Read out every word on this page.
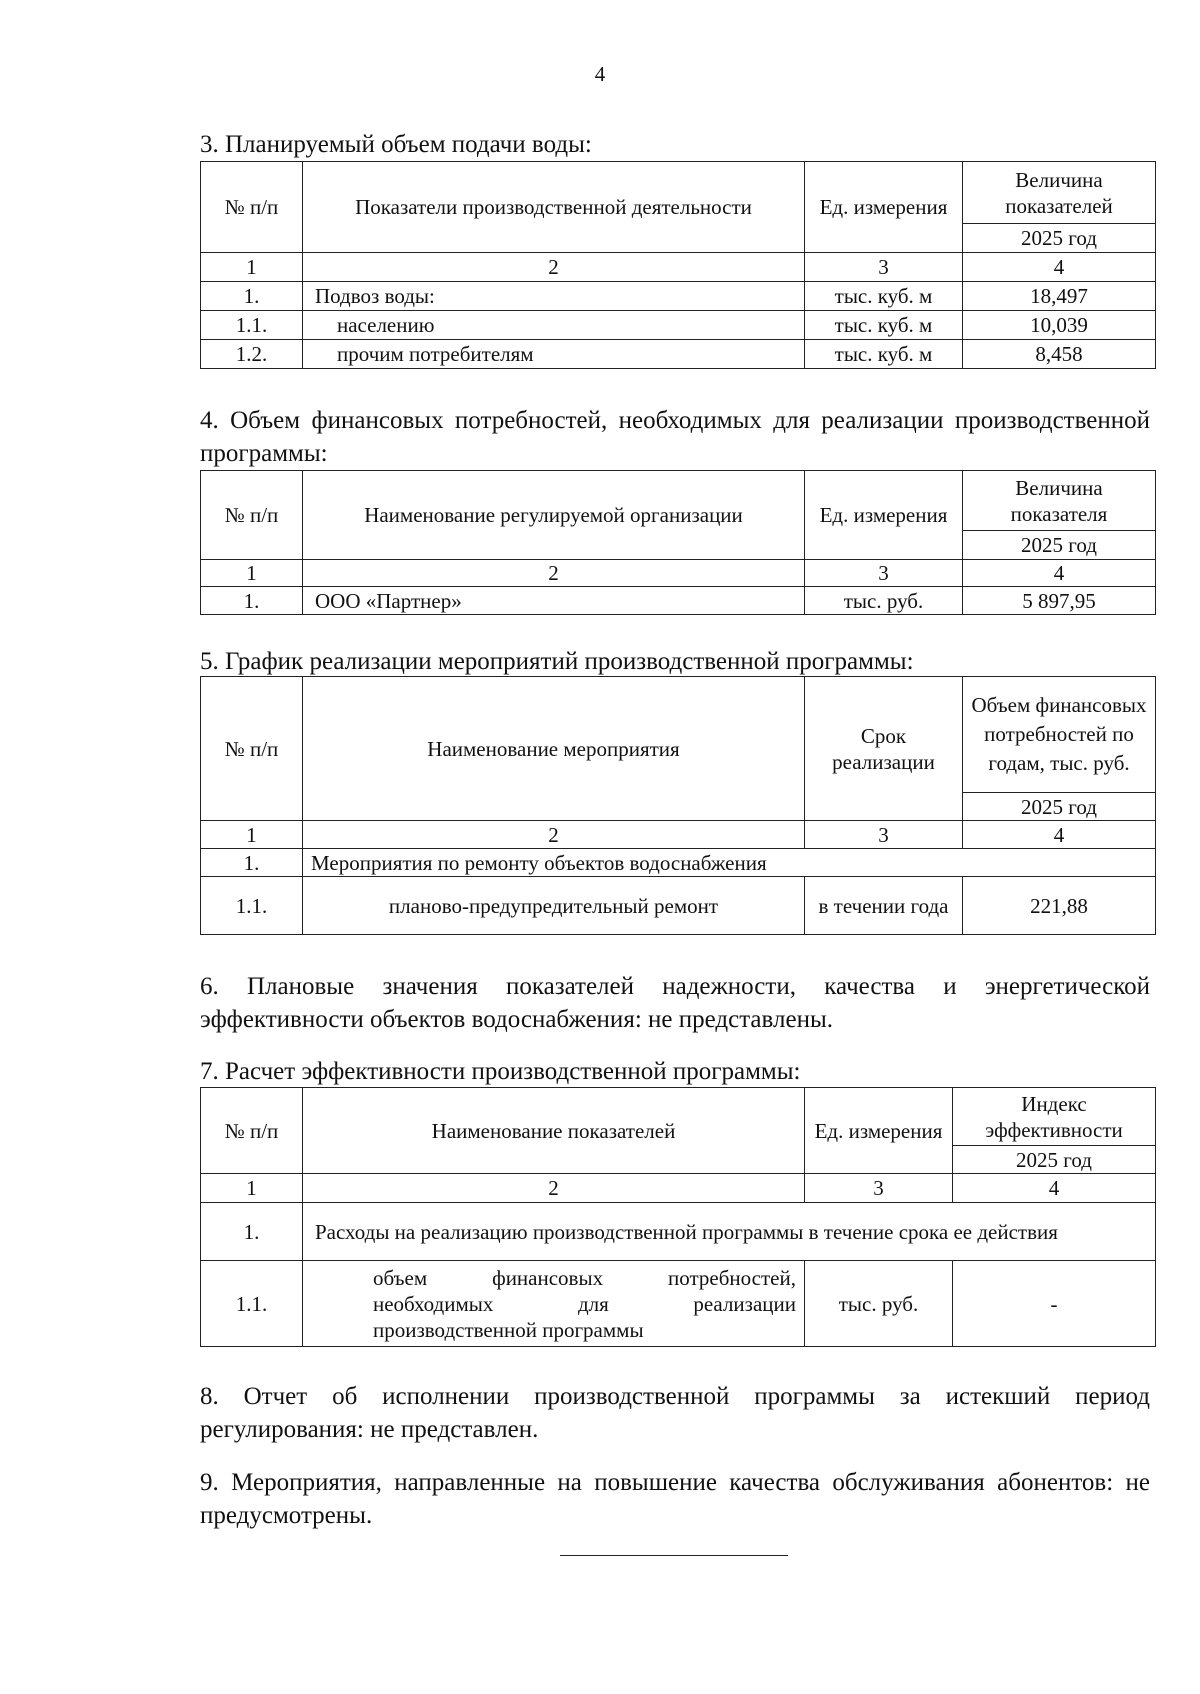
4
3. Планируемый объем подачи воды:
№ п/п	Показатели производственной деятельности	Ед. измерения	Величина показателей
			2025 год
1	2	3	4
1.	Подвоз воды:	тыс. куб. м	18,497
1.1.	населению	тыс. куб. м	10,039
1.2.	прочим потребителям	тыс. куб. м	8,458
4. Объем финансовых потребностей, необходимых для реализации производственной программы:
№ п/п	Наименование регулируемой организации	Ед. измерения	Величина показателя
			2025 год
1	2	3	4
1.	ООО «Партнер»	тыс. руб.	5 897,95
5. График реализации мероприятий производственной программы:
№ п/п	Наименование мероприятия	Срок реализации	Объем финансовых потребностей по годам, тыс. руб.
			2025 год
1	2	3	4
1.	Мероприятия по ремонту объектов водоснабжения		
1.1.	планово-предупредительный ремонт	в течении года	221,88
6. Плановые значения показателей надежности, качества и энергетической эффективности объектов водоснабжения: не представлены.
7. Расчет эффективности производственной программы:
№ п/п	Наименование показателей	Ед. измерения	Индекс эффективности
			2025 год
1	2	3	4
1.	Расходы на реализацию производственной программы в течение срока ее действия		
1.1.	объем финансовых потребностей,
необходимых для реализации
производственной программы	тыс. руб.	-
8. Отчет об исполнении производственной программы за истекший период регулирования: не представлен.
9. Мероприятия, направленные на повышение качества обслуживания абонентов: не предусмотрены.
